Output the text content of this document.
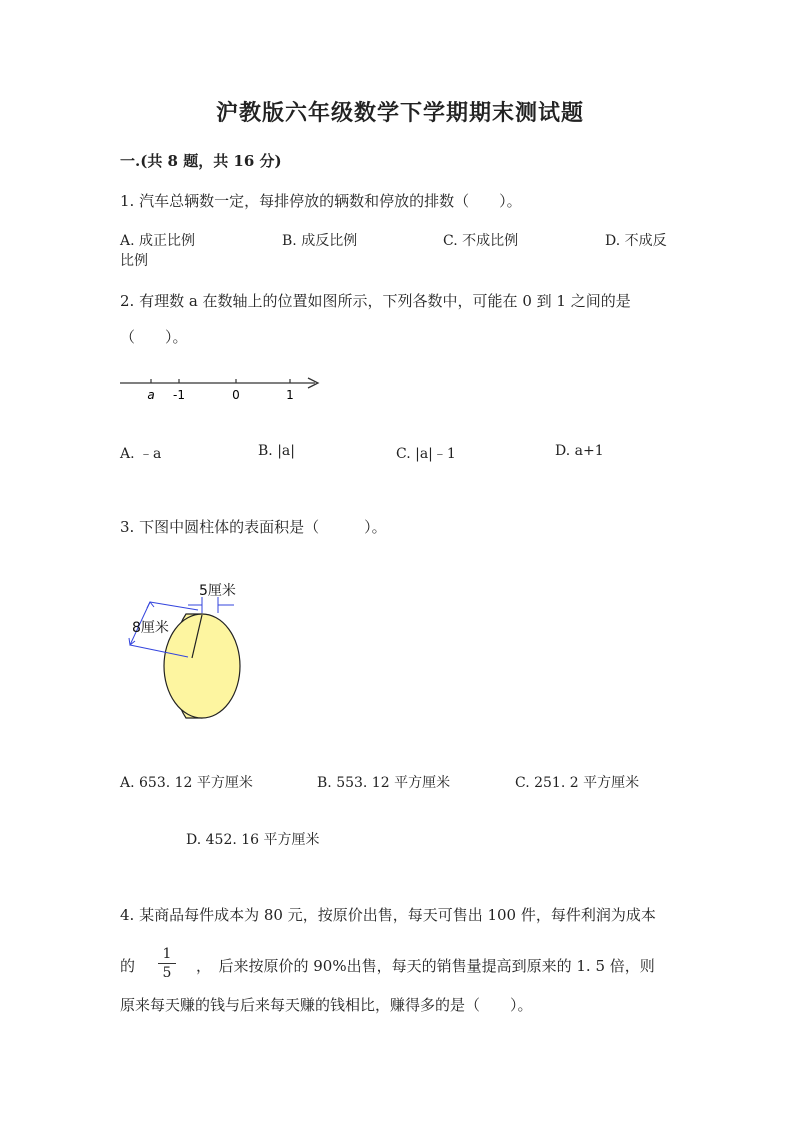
沪教版六年级数学下学期期末测试题
一.(共 8 题，共 16 分)
1. 汽车总辆数一定，每排停放的辆数和停放的排数（　　）。
A. 成正比例	B. 成反比例	C. 不成比例	D. 不成反
比例
2. 有理数 a 在数轴上的位置如图所示，下列各数中，可能在 0 到 1 之间的是
（　　）。
a -1	0	1
A. ﹣a	B. |a|	C. |a|﹣1	D. a+1
3. 下图中圆柱体的表面积是（　　　）。
5厘米
8厘米
A. 653. 12 平方厘米	B. 553. 12 平方厘米	C. 251. 2 平方厘米
D. 452. 16 平方厘米
4. 某商品每件成本为 80 元，按原价出售，每天可售出 100 件，每件利润为成本
的
1
5	，　后来按原价的 90%出售，每天的销售量提高到原来的 1. 5 倍，则
原来每天赚的钱与后来每天赚的钱相比，赚得多的是（　　）。
